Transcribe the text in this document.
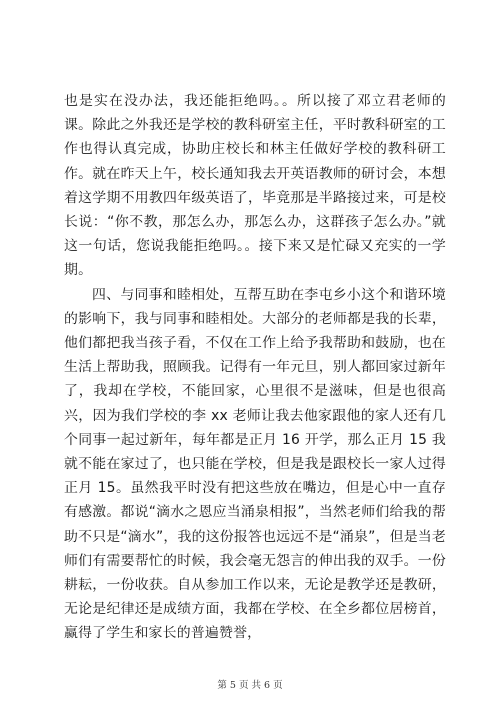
也是实在没办法，我还能拒绝吗。。所以接了邓立君老师的课。除此之外我还是学校的教科研室主任，平时教科研室的工作也得认真完成，协助庄校长和林主任做好学校的教科研工作。就在昨天上午，校长通知我去开英语教师的研讨会，本想着这学期不用教四年级英语了，毕竟那是半路接过来，可是校长说：“你不教，那怎么办，那怎么办，这群孩子怎么办。”就这一句话，您说我能拒绝吗。。接下来又是忙碌又充实的一学期。

四、与同事和睦相处，互帮互助在李屯乡小这个和谐环境的影响下，我与同事和睦相处。大部分的老师都是我的长辈，他们都把我当孩子看，不仅在工作上给予我帮助和鼓励，也在生活上帮助我，照顾我。记得有一年元旦，别人都回家过新年了，我却在学校，不能回家，心里很不是滋味，但是也很高兴，因为我们学校的李 xx 老师让我去他家跟他的家人还有几个同事一起过新年，每年都是正月 16 开学，那么正月 15 我就不能在家过了，也只能在学校，但是我是跟校长一家人过得正月 15。虽然我平时没有把这些放在嘴边，但是心中一直存有感激。都说“滴水之恩应当涌泉相报”，当然老师们给我的帮助不只是“滴水”，我的这份报答也远远不是“涌泉”，但是当老师们有需要帮忙的时候，我会毫无怨言的伸出我的双手。一份耕耘，一份收获。自从参加工作以来，无论是教学还是教研，无论是纪律还是成绩方面，我都在学校、在全乡都位居榜首，赢得了学生和家长的普遍赞誉，

第 5 页 共 6 页
